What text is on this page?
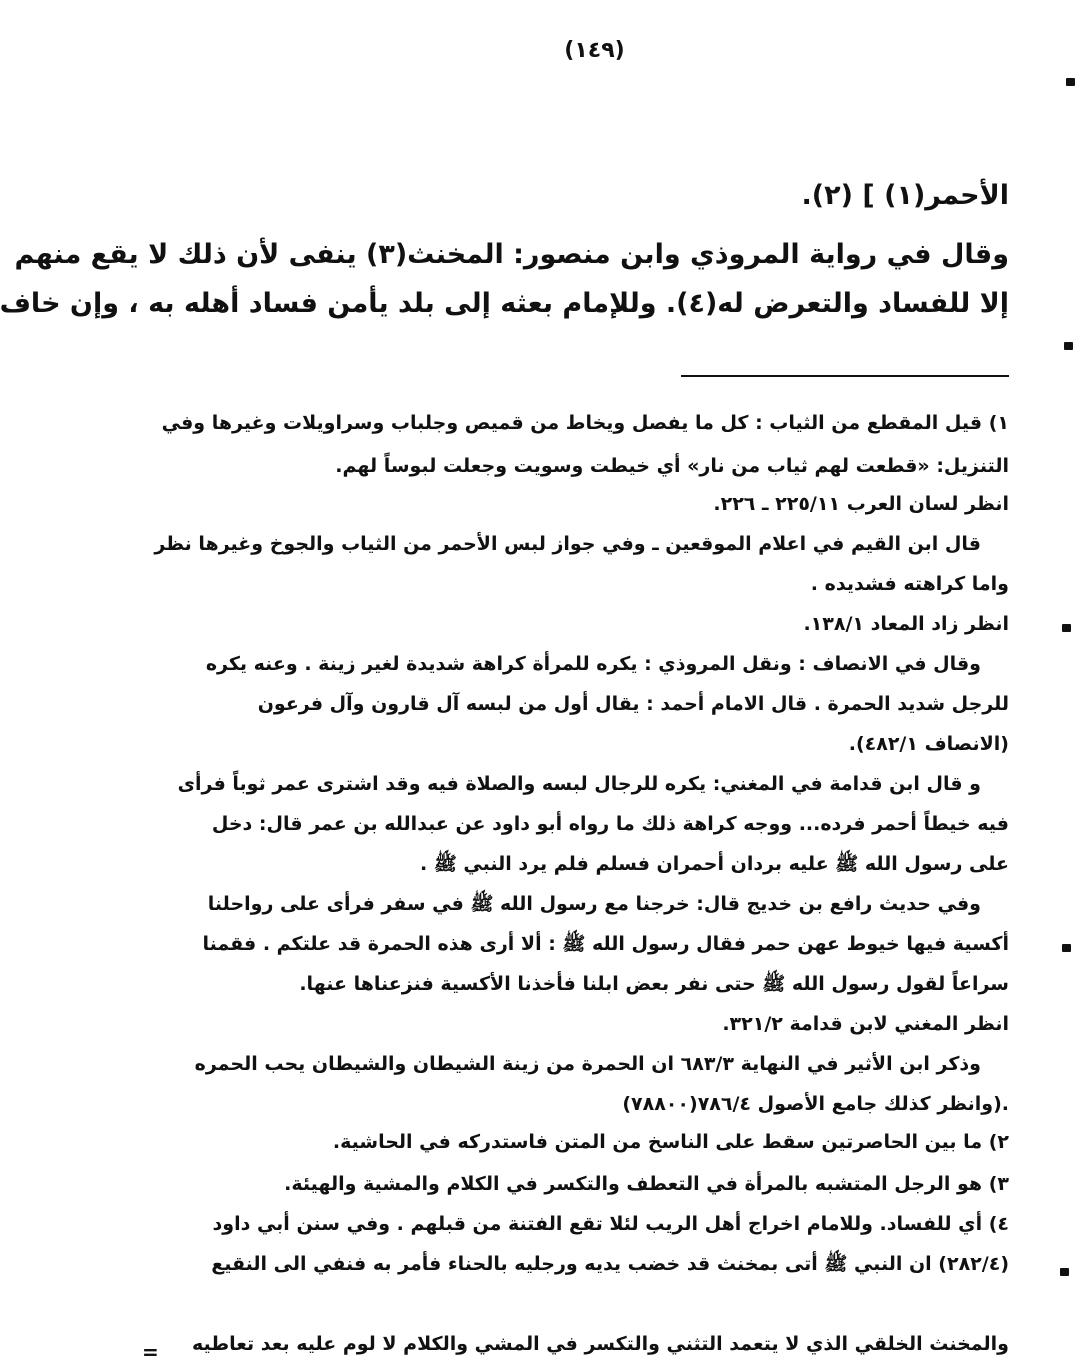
(١٤٩)

الأحمر(١) ] (٢).

وقال في رواية المروذي وابن منصور: المخنث(٣) ينفى لأن ذلك لا يقع منهم

إلا للفساد والتعرض له(٤). وللإمام بعثه إلى بلد يأمن فساد أهله به ، وإن خاف

١) قيل المقطع من الثياب : كل ما يفصل ويخاط من قميص وجلباب وسراويلات وغيرها وفي

التنزيل: «قطعت لهم ثياب من نار» أي خيطت وسويت وجعلت لبوساً لهم.

انظر لسان العرب ٢٢٥/١١ ـ ٢٢٦.

قال ابن القيم في اعلام الموقعين ـ وفي جواز لبس الأحمر من الثياب والجوخ وغيرها نظر

واما كراهته فشديده .

انظر زاد المعاد ١٣٨/١.

وقال في الانصاف : ونقل المروذي : يكره للمرأة كراهة شديدة لغير زينة . وعنه يكره

للرجل شديد الحمرة . قال الامام أحمد : يقال أول من لبسه آل قارون وآل فرعون

(الانصاف ٤٨٢/١).

و قال ابن قدامة في المغني: يكره للرجال لبسه والصلاة فيه وقد اشترى عمر ثوباً فرأى

فيه خيطاً أحمر فرده... ووجه كراهة ذلك ما رواه أبو داود عن عبدالله بن عمر قال: دخل

على رسول الله ﷺ عليه بردان أحمران فسلم فلم يرد النبي ﷺ .

وفي حديث رافع بن خديج قال: خرجنا مع رسول الله ﷺ في سفر فرأى على رواحلنا

أكسية فيها خيوط عهن حمر فقال رسول الله ﷺ : ألا أرى هذه الحمرة قد علتكم . فقمنا

سراعاً لقول رسول الله ﷺ حتى نفر بعض ابلنا فأخذنا الأكسية فنزعناها عنها.

انظر المغني لابن قدامة ٣٢١/٢.

وذكر ابن الأثير في النهاية ٦٨٣/٣ ان الحمرة من زينة الشيطان والشيطان يحب الحمره

.(وانظر كذلك جامع الأصول ٧٨٦/٤(٧٨٨٠٠)

٢) ما بين الحاصرتين سقط على الناسخ من المتن فاستدركه في الحاشية.

٣) هو الرجل المتشبه بالمرأة في التعطف والتكسر في الكلام والمشية والهيئة.

٤) أي للفساد. وللامام اخراج أهل الريب لئلا تقع الفتنة من قبلهم . وفي سنن أبي داود

(٢٨٢/٤) ان النبي ﷺ أتى بمخنث قد خضب يديه ورجليه بالحناء فأمر به فنفي الى النقيع

والمخنث الخلقي الذي لا يتعمد التثني والتكسر في المشي والكلام لا لوم عليه بعد تعاطيه

=
